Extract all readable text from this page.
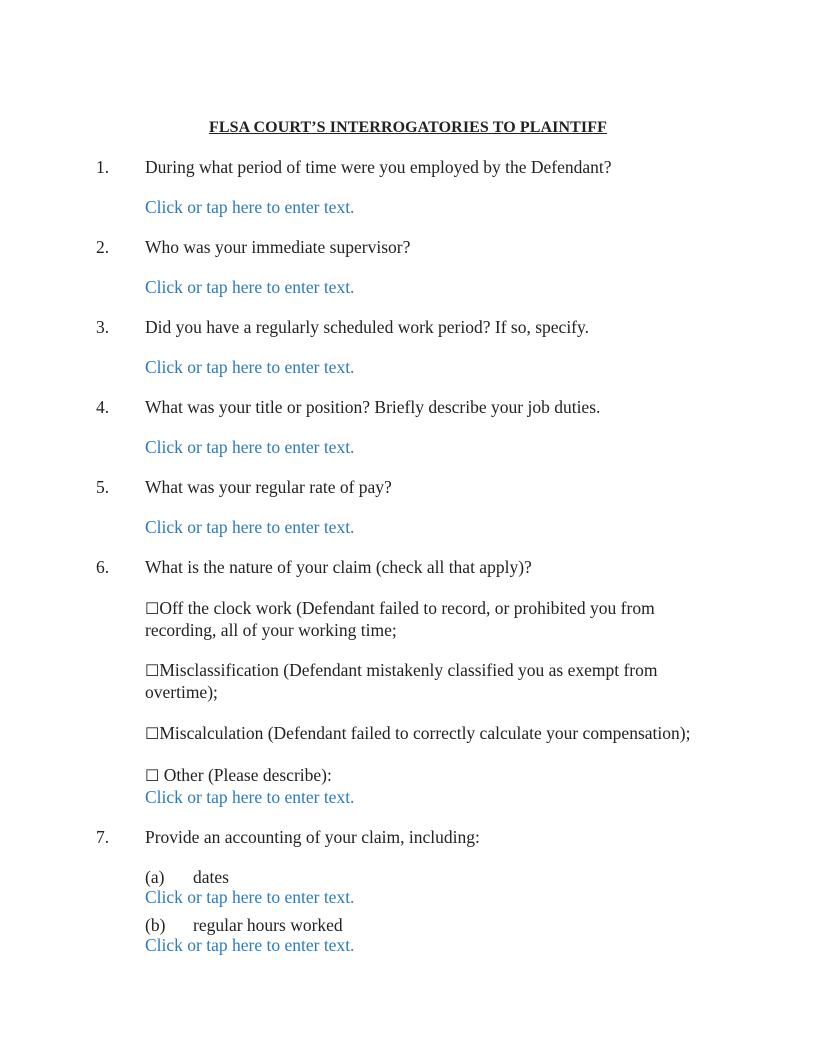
FLSA COURT’S INTERROGATORIES TO PLAINTIFF
1. During what period of time were you employed by the Defendant?
Click or tap here to enter text.
2. Who was your immediate supervisor?
Click or tap here to enter text.
3. Did you have a regularly scheduled work period? If so, specify.
Click or tap here to enter text.
4. What was your title or position? Briefly describe your job duties.
Click or tap here to enter text.
5. What was your regular rate of pay?
Click or tap here to enter text.
6. What is the nature of your claim (check all that apply)?
☐Off the clock work (Defendant failed to record, or prohibited you from recording, all of your working time;
☐Misclassification (Defendant mistakenly classified you as exempt from overtime);
☐Miscalculation (Defendant failed to correctly calculate your compensation);
☐ Other (Please describe):
Click or tap here to enter text.
7. Provide an accounting of your claim, including:
(a) dates
Click or tap here to enter text.
(b) regular hours worked
Click or tap here to enter text.
